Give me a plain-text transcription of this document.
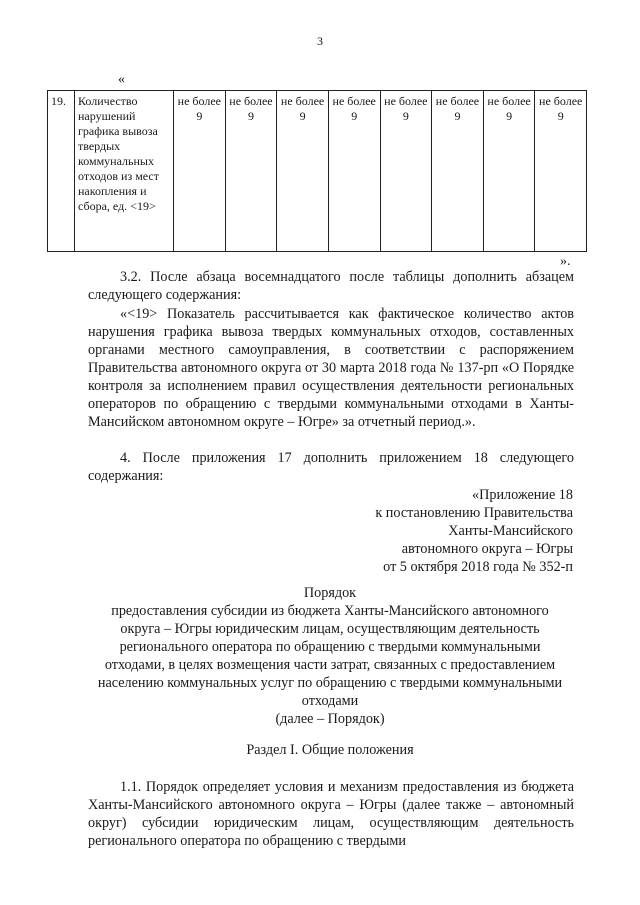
3
«
19.	Количество нарушений графика вывоза твердых коммунальных отходов из мест накопления и сбора, ед. <19>	не более 9	не более 9	не более 9	не более 9	не более 9	не более 9	не более 9	не более 9
».
3.2. После абзаца восемнадцатого после таблицы дополнить абзацем следующего содержания:
«<19> Показатель рассчитывается как фактическое количество актов нарушения графика вывоза твердых коммунальных отходов, составленных органами местного самоуправления, в соответствии с распоряжением Правительства автономного округа от 30 марта 2018 года № 137-рп «О Порядке контроля за исполнением правил осуществления деятельности региональных операторов по обращению с твердыми коммунальными отходами в Ханты-Мансийском автономном округе – Югре» за отчетный период.».
4. После приложения 17 дополнить приложением 18 следующего содержания:
«Приложение 18
к постановлению Правительства
Ханты-Мансийского
автономного округа – Югры
от 5 октября 2018 года № 352-п
Порядок
предоставления субсидии из бюджета Ханты-Мансийского автономного округа – Югры юридическим лицам, осуществляющим деятельность регионального оператора по обращению с твердыми коммунальными отходами, в целях возмещения части затрат, связанных с предоставлением населению коммунальных услуг по обращению с твердыми коммунальными отходами
(далее – Порядок)
Раздел I. Общие положения
1.1. Порядок определяет условия и механизм предоставления из бюджета Ханты-Мансийского автономного округа – Югры (далее также – автономный округ) субсидии юридическим лицам, осуществляющим деятельность регионального оператора по обращению с твердыми
